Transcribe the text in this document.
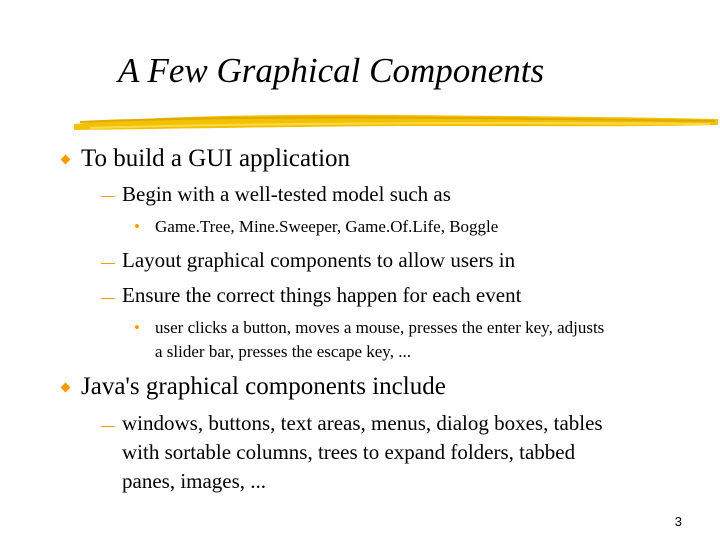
A Few Graphical Components
To build a GUI application
Begin with a well-tested model such as
• Game.Tree, Mine.Sweeper, Game.Of.Life, Boggle
Layout graphical components to allow users in
Ensure the correct things happen for each event
• user clicks a button, moves a mouse, presses the enter key, adjusts
a slider bar, presses the escape key, ...
Java's graphical components include
windows, buttons, text areas, menus, dialog boxes, tables
with sortable columns, trees to expand folders, tabbed
panes, images, ...
3
